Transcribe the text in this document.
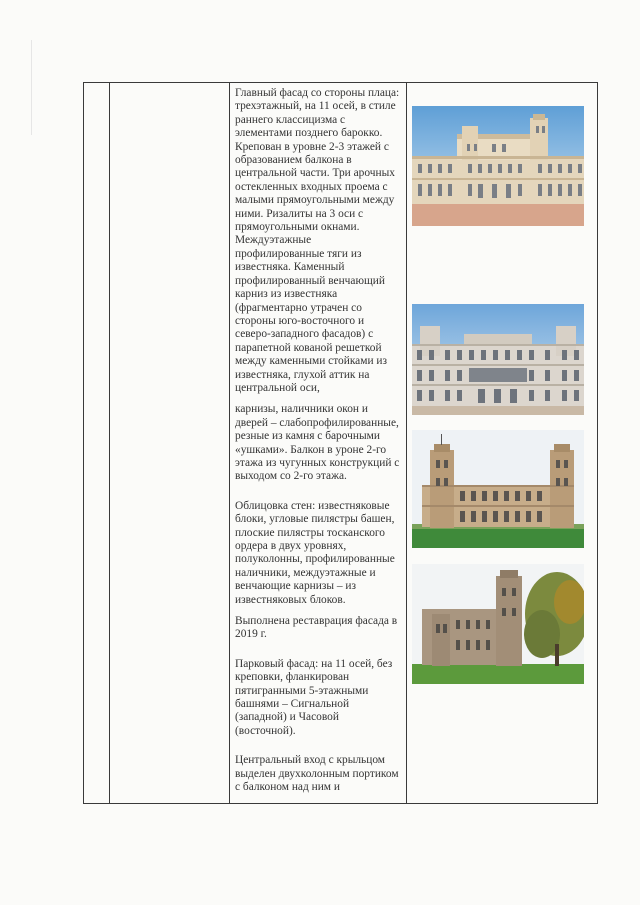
Главный фасад со стороны плаца: трехэтажный, на 11 осей, в стиле раннего классицизма с элементами позднего барокко. Крепован в уровне 2-3 этажей с образованием балкона в центральной части. Три арочных остекленных входных проема с малыми прямоугольными между ними. Ризалиты на 3 оси с прямоугольными окнами. Междуэтажные профилированные тяги из известняка. Каменный профилированный венчающий карниз из известняка (фрагментарно утрачен со стороны юго-восточного и северо-западного фасадов) с парапетной кованой решеткой между каменными стойками из известняка, глухой аттик на центральной оси,

карнизы, наличники окон и дверей – слабопрофилированные, резные из камня с барочными «ушками». Балкон в уроне 2-го этажа из чугунных конструкций с выходом со 2-го этажа.

Облицовка стен: известняковые блоки, угловые пилястры башен, плоские пилястры тосканского ордера в двух уровнях, полуколонны, профилированные наличники, междуэтажные и венчающие карнизы – из известняковых блоков.

Выполнена реставрация фасада в 2019 г.

Парковый фасад: на 11 осей, без креповки, фланкирован пятигранными 5-этажными башнями – Сигнальной (западной) и Часовой (восточной).

Центральный вход с крыльцом выделен двухколонным портиком с балконом над ним и
